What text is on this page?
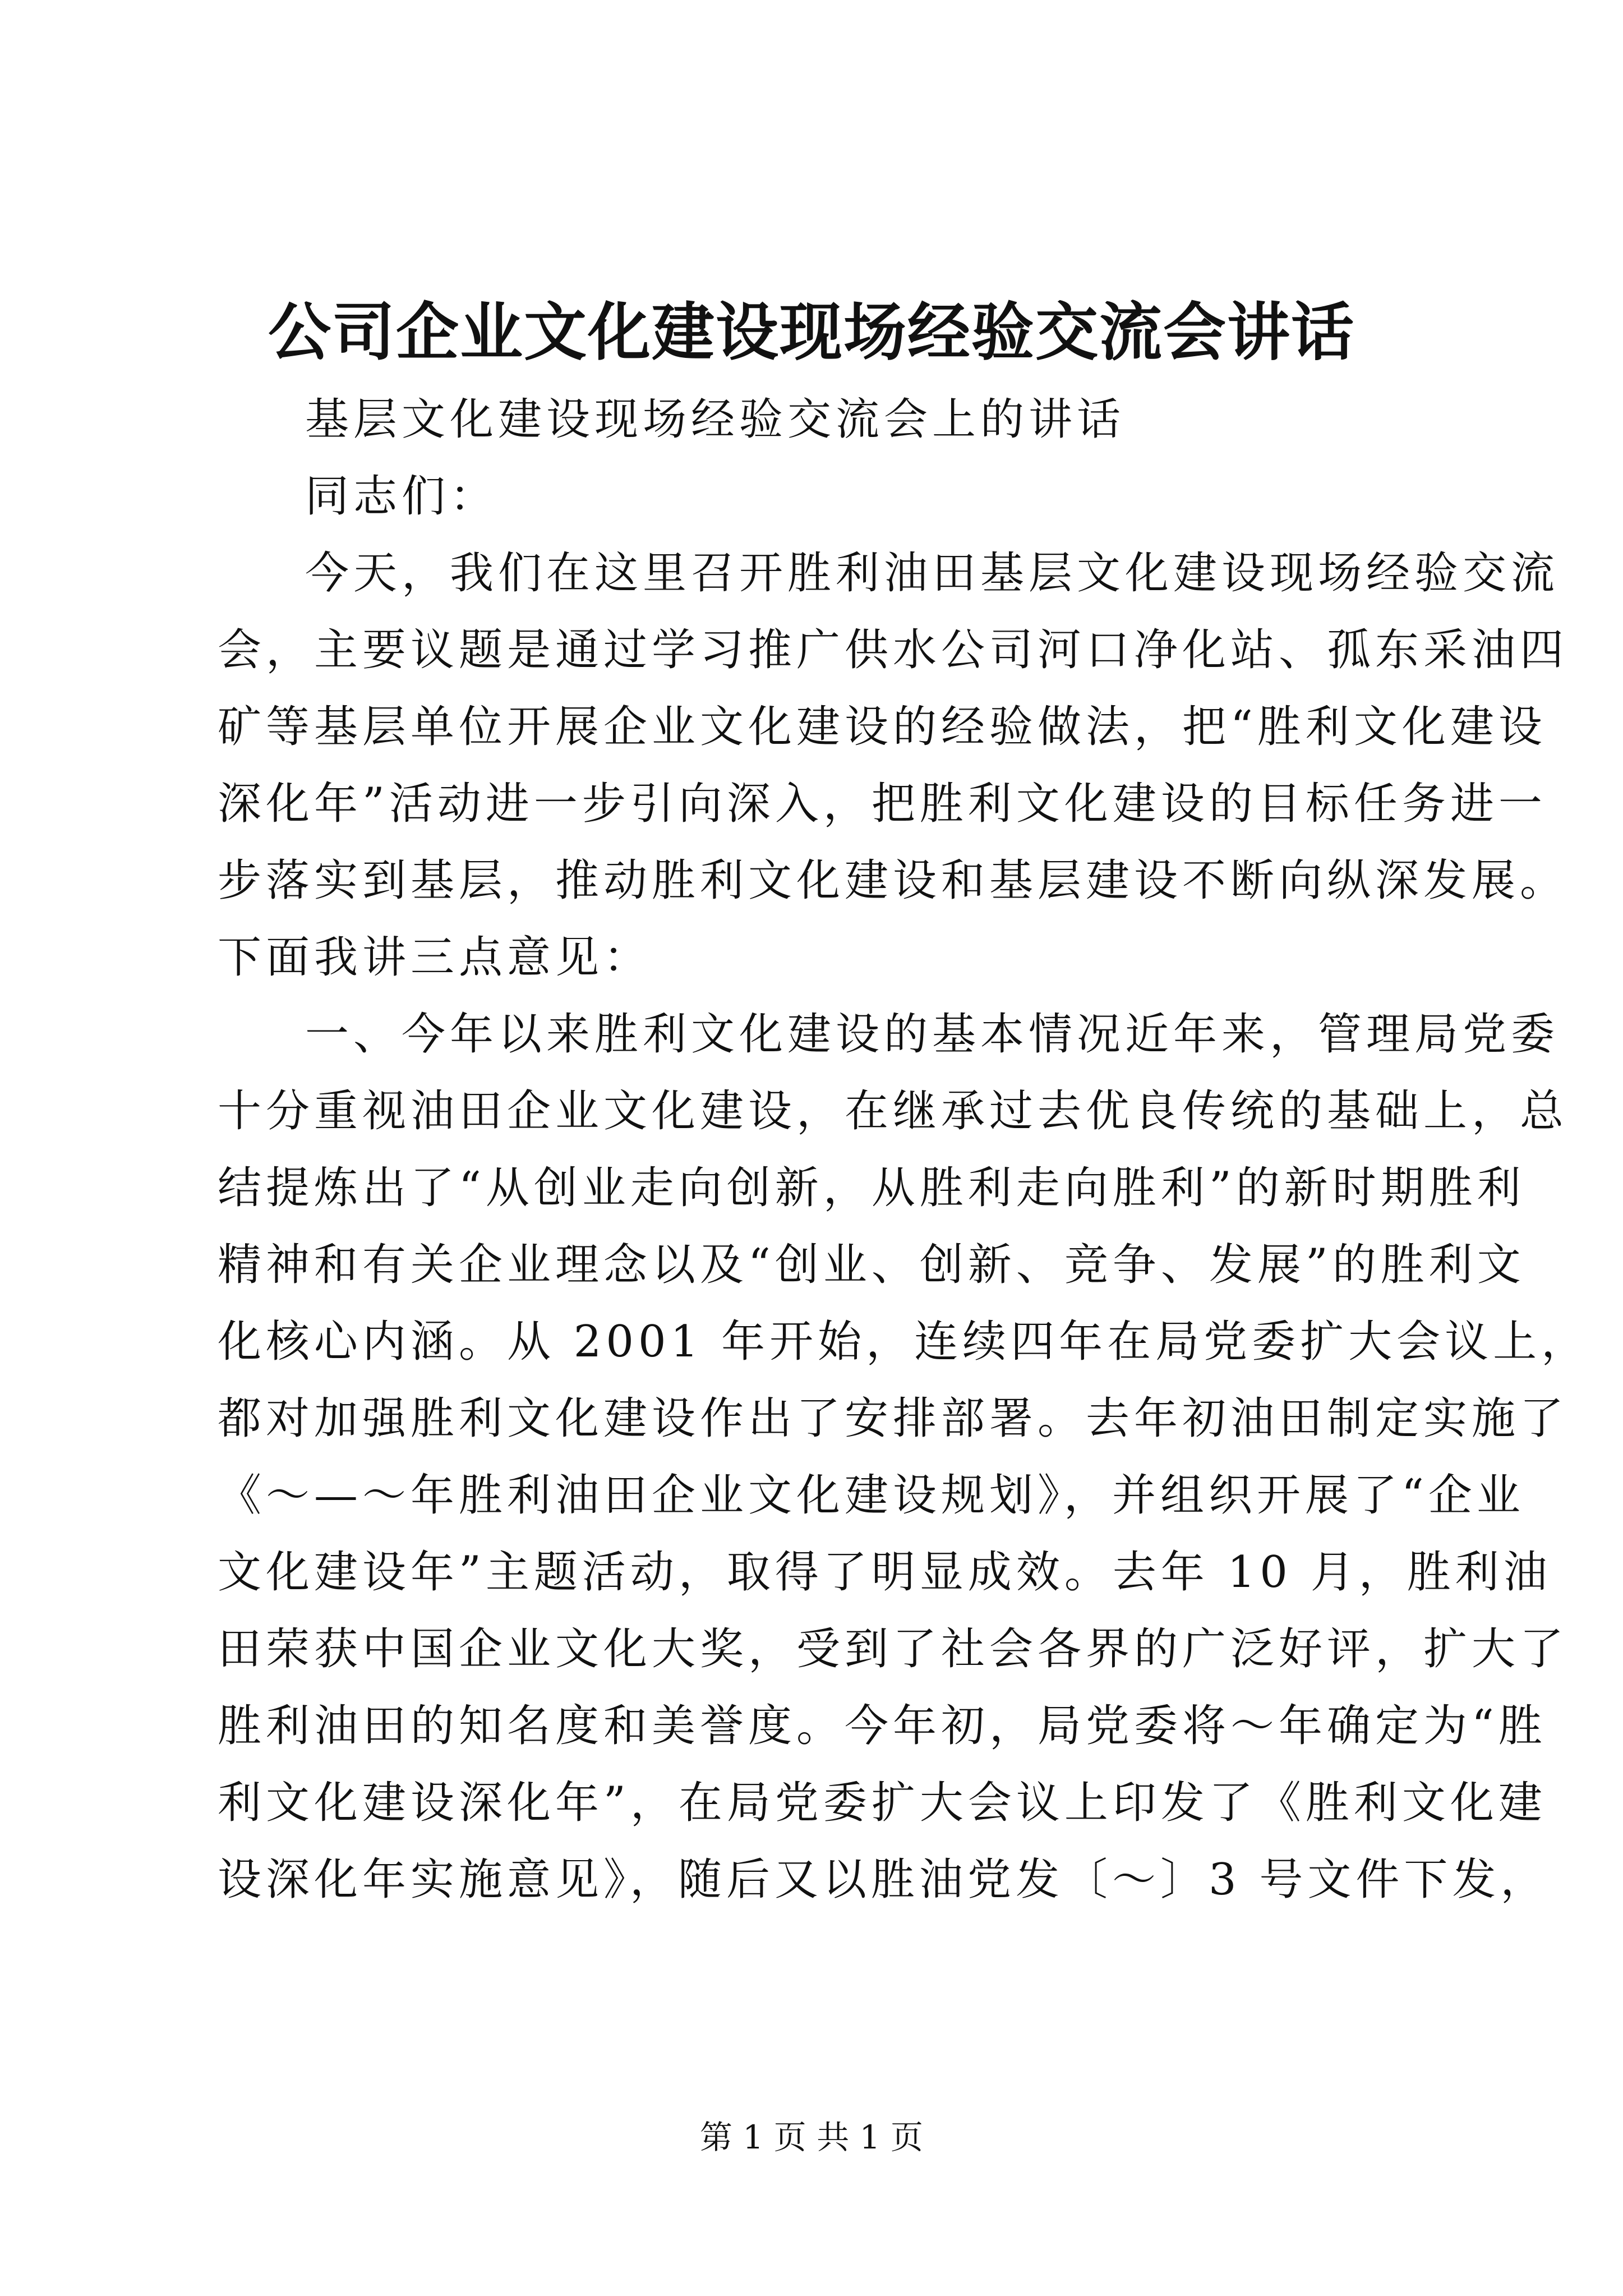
公司企业文化建设现场经验交流会讲话
基层文化建设现场经验交流会上的讲话
同志们：
今天，我们在这里召开胜利油田基层文化建设现场经验交流
会，主要议题是通过学习推广供水公司河口净化站、孤东采油四
矿等基层单位开展企业文化建设的经验做法，把“胜利文化建设
深化年”活动进一步引向深入，把胜利文化建设的目标任务进一
步落实到基层，推动胜利文化建设和基层建设不断向纵深发展。
下面我讲三点意见：
一、今年以来胜利文化建设的基本情况近年来，管理局党委
十分重视油田企业文化建设，在继承过去优良传统的基础上，总
结提炼出了“从创业走向创新，从胜利走向胜利”的新时期胜利
精神和有关企业理念以及“创业、创新、竞争、发展”的胜利文
化核心内涵。从 2001 年开始，连续四年在局党委扩大会议上，
都对加强胜利文化建设作出了安排部署。去年初油田制定实施了
《～—～年胜利油田企业文化建设规划》，并组织开展了“企业
文化建设年”主题活动，取得了明显成效。去年 10 月，胜利油
田荣获中国企业文化大奖，受到了社会各界的广泛好评，扩大了
胜利油田的知名度和美誉度。今年初，局党委将～年确定为“胜
利文化建设深化年”，在局党委扩大会议上印发了《胜利文化建
设深化年实施意见》，随后又以胜油党发〔～〕3 号文件下发，
第 1 页 共 1 页
